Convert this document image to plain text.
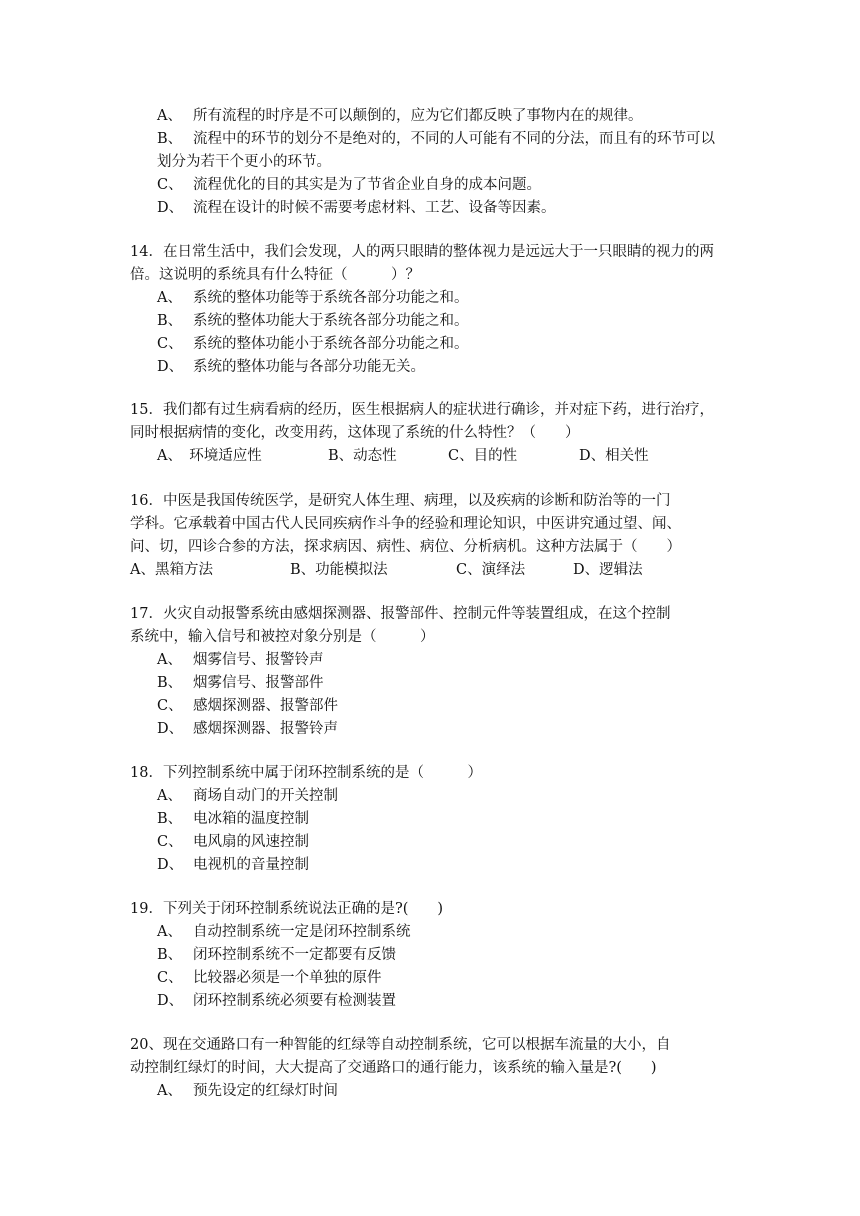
A、 所有流程的时序是不可以颠倒的，应为它们都反映了事物内在的规律。
B、 流程中的环节的划分不是绝对的，不同的人可能有不同的分法，而且有的环节可以
划分为若干个更小的环节。
C、 流程优化的目的其实是为了节省企业自身的成本问题。
D、 流程在设计的时候不需要考虑材料、工艺、设备等因素。
14．在日常生活中，我们会发现，人的两只眼睛的整体视力是远远大于一只眼睛的视力的两
倍。这说明的系统具有什么特征（　　　）？
A、 系统的整体功能等于系统各部分功能之和。
B、 系统的整体功能大于系统各部分功能之和。
C、 系统的整体功能小于系统各部分功能之和。
D、 系统的整体功能与各部分功能无关。
15．我们都有过生病看病的经历，医生根据病人的症状进行确诊，并对症下药，进行治疗，
同时根据病情的变化，改变用药，这体现了系统的什么特性？（　　）
A、　环境适应性	B、动态性	C、目的性	D、相关性
16．中医是我国传统医学，是研究人体生理、病理，以及疾病的诊断和防治等的一门
学科。它承载着中国古代人民同疾病作斗争的经验和理论知识，中医讲究通过望、闻、
问、切，四诊合参的方法，探求病因、病性、病位、分析病机。这种方法属于（　　）
A、黑箱方法	B、功能模拟法	C、演绎法	D、逻辑法
17．火灾自动报警系统由感烟探测器、报警部件、控制元件等装置组成，在这个控制
系统中，输入信号和被控对象分别是（　　　）
A、 烟雾信号、报警铃声
B、 烟雾信号、报警部件
C、 感烟探测器、报警部件
D、 感烟探测器、报警铃声
18．下列控制系统中属于闭环控制系统的是（　　　）
A、 商场自动门的开关控制
B、 电冰箱的温度控制
C、 电风扇的风速控制
D、 电视机的音量控制
19．下列关于闭环控制系统说法正确的是?(　　)
A、 自动控制系统一定是闭环控制系统
B、 闭环控制系统不一定都要有反馈
C、 比较器必须是一个单独的原件
D、 闭环控制系统必须要有检测装置
20、现在交通路口有一种智能的红绿等自动控制系统，它可以根据车流量的大小，自
动控制红绿灯的时间，大大提高了交通路口的通行能力，该系统的输入量是?(　　)
A、 预先设定的红绿灯时间
